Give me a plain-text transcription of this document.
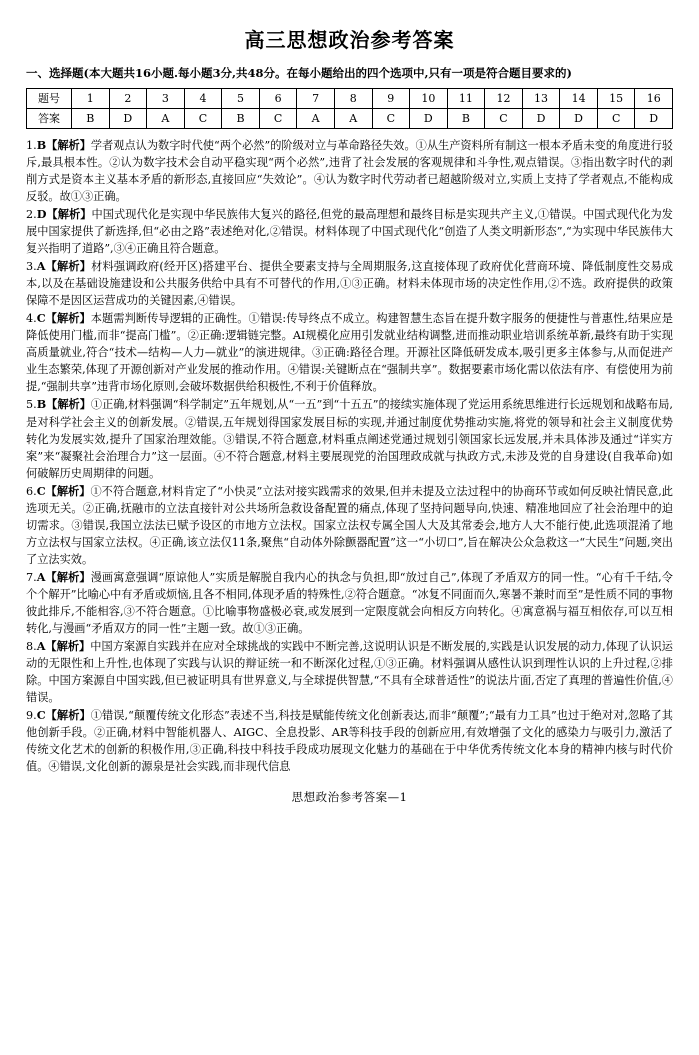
高三思想政治参考答案
一、选择题(本大题共16小题.每小题3分,共48分。在每小题给出的四个选项中,只有一项是符合题目要求的)
题号	1	2	3	4	5	6	7	8	9	10	11	12	13	14	15	16
答案	B	D	A	C	B	C	A	A	C	D	B	C	D	D	C	D
1.B【解析】学者观点认为数字时代使“两个必然”的阶级对立与革命路径失效。①从生产资料所有制这一根本矛盾未变的角度进行驳斥,最具根本性。②认为数字技术会自动平稳实现“两个必然”,违背了社会发展的客观规律和斗争性,观点错误。③指出数字时代的剥削方式是资本主义基本矛盾的新形态,直接回应“失效论”。④认为数字时代劳动者已超越阶级对立,实质上支持了学者观点,不能构成反驳。故①③正确。
2.D【解析】中国式现代化是实现中华民族伟大复兴的路径,但党的最高理想和最终目标是实现共产主义,①错误。中国式现代化为发展中国家提供了新选择,但“必由之路”表述绝对化,②错误。材料体现了中国式现代化“创造了人类文明新形态”,“为实现中华民族伟大复兴指明了道路”,③④正确且符合题意。
3.A【解析】材料强调政府(经开区)搭建平台、提供全要素支持与全周期服务,这直接体现了政府优化营商环境、降低制度性交易成本,以及在基础设施建设和公共服务供给中具有不可替代的作用,①③正确。材料未体现市场的决定性作用,②不选。政府提供的政策保障不是因区运营成功的关键因素,④错误。
4.C【解析】本题需判断传导逻辑的正确性。①错误:传导终点不成立。构建智慧生态旨在提升数字服务的便捷性与普惠性,结果应是降低使用门槛,而非“提高门槛”。②正确:逻辑链完整。AI规模化应用引发就业结构调整,进而推动职业培训系统革新,最终有助于实现高质量就业,符合“技术—结构—人力—就业”的演进规律。③正确:路径合理。开源社区降低研发成本,吸引更多主体参与,从而促进产业生态繁荣,体现了开源创新对产业发展的推动作用。④错误:关键断点在“强制共享”。数据要素市场化需以依法有序、有偿使用为前提,“强制共享”违背市场化原则,会破坏数据供给积极性,不利于价值释放。
5.B【解析】①正确,材料强调“科学制定”五年规划,从“一五”到“十五五”的接续实施体现了党运用系统思维进行长远规划和战略布局,是对科学社会主义的创新发展。②错误,五年规划得国家发展目标的实现,并通过制度优势推动实施,将党的领导和社会主义制度优势转化为发展实效,提升了国家治理效能。③错误,不符合题意,材料重点阐述党通过规划引领国家长远发展,并未具体涉及通过“详实方案”来“凝聚社会治理合力”这一层面。④不符合题意,材料主要展现党的治国理政成就与执政方式,未涉及党的自身建设(自我革命)如何破解历史周期律的问题。
6.C【解析】①不符合题意,材料肯定了“小快灵”立法对接实践需求的效果,但并未提及立法过程中的协商环节或如何反映社情民意,此选项无关。②正确,抚融市的立法直接针对公共场所急救设备配置的痛点,体现了坚持问题导向,快速、精准地回应了社会治理中的迫切需求。③错误,我国立法法已赋予设区的市地方立法权。国家立法权专属全国人大及其常委会,地方人大不能行使,此选项混淆了地方立法权与国家立法权。④正确,该立法仅11条,聚焦“自动体外除颤器配置”这一“小切口”,旨在解决公众急救这一“大民生”问题,突出了立法实效。
7.A【解析】漫画寓意强调“原谅他人”实质是解脱自我内心的执念与负担,即“放过自己”,体现了矛盾双方的同一性。“心有千千结,令个个解开”比喻心中有矛盾或烦恼,且各不相同,体现矛盾的特殊性,②符合题意。“冰复不同面而久,寒暑不兼时而至”是性质不同的事物彼此排斥,不能相容,③不符合题意。①比喻事物盛极必衰,或发展到一定限度就会向相反方向转化。④寓意祸与福互相依存,可以互相转化,与漫画“矛盾双方的同一性”主题一致。故①③正确。
8.A【解析】中国方案源自实践并在应对全球挑战的实践中不断完善,这说明认识是不断发展的,实践是认识发展的动力,体现了认识运动的无限性和上升性,也体现了实践与认识的辩证统一和不断深化过程,①③正确。材料强调从感性认识到理性认识的上升过程,②排除。中国方案源自中国实践,但已被证明具有世界意义,与全球提供智慧,“不具有全球普适性”的说法片面,否定了真理的普遍性价值,④错误。
9.C【解析】①错误,“颠覆传统文化形态”表述不当,科技是赋能传统文化创新表达,而非“颠覆”;“最有力工具”也过于绝对对,忽略了其他创新手段。②正确,材料中智能机器人、AIGC、全息投影、AR等科技手段的创新应用,有效增强了文化的感染力与吸引力,激活了传统文化艺术的创新的积极作用,③正确,科技中科技手段成功展现文化魅力的基础在于中华优秀传统文化本身的精神内核与时代价值。④错误,文化创新的源泉是社会实践,而非现代信息
思想政治参考答案—1
